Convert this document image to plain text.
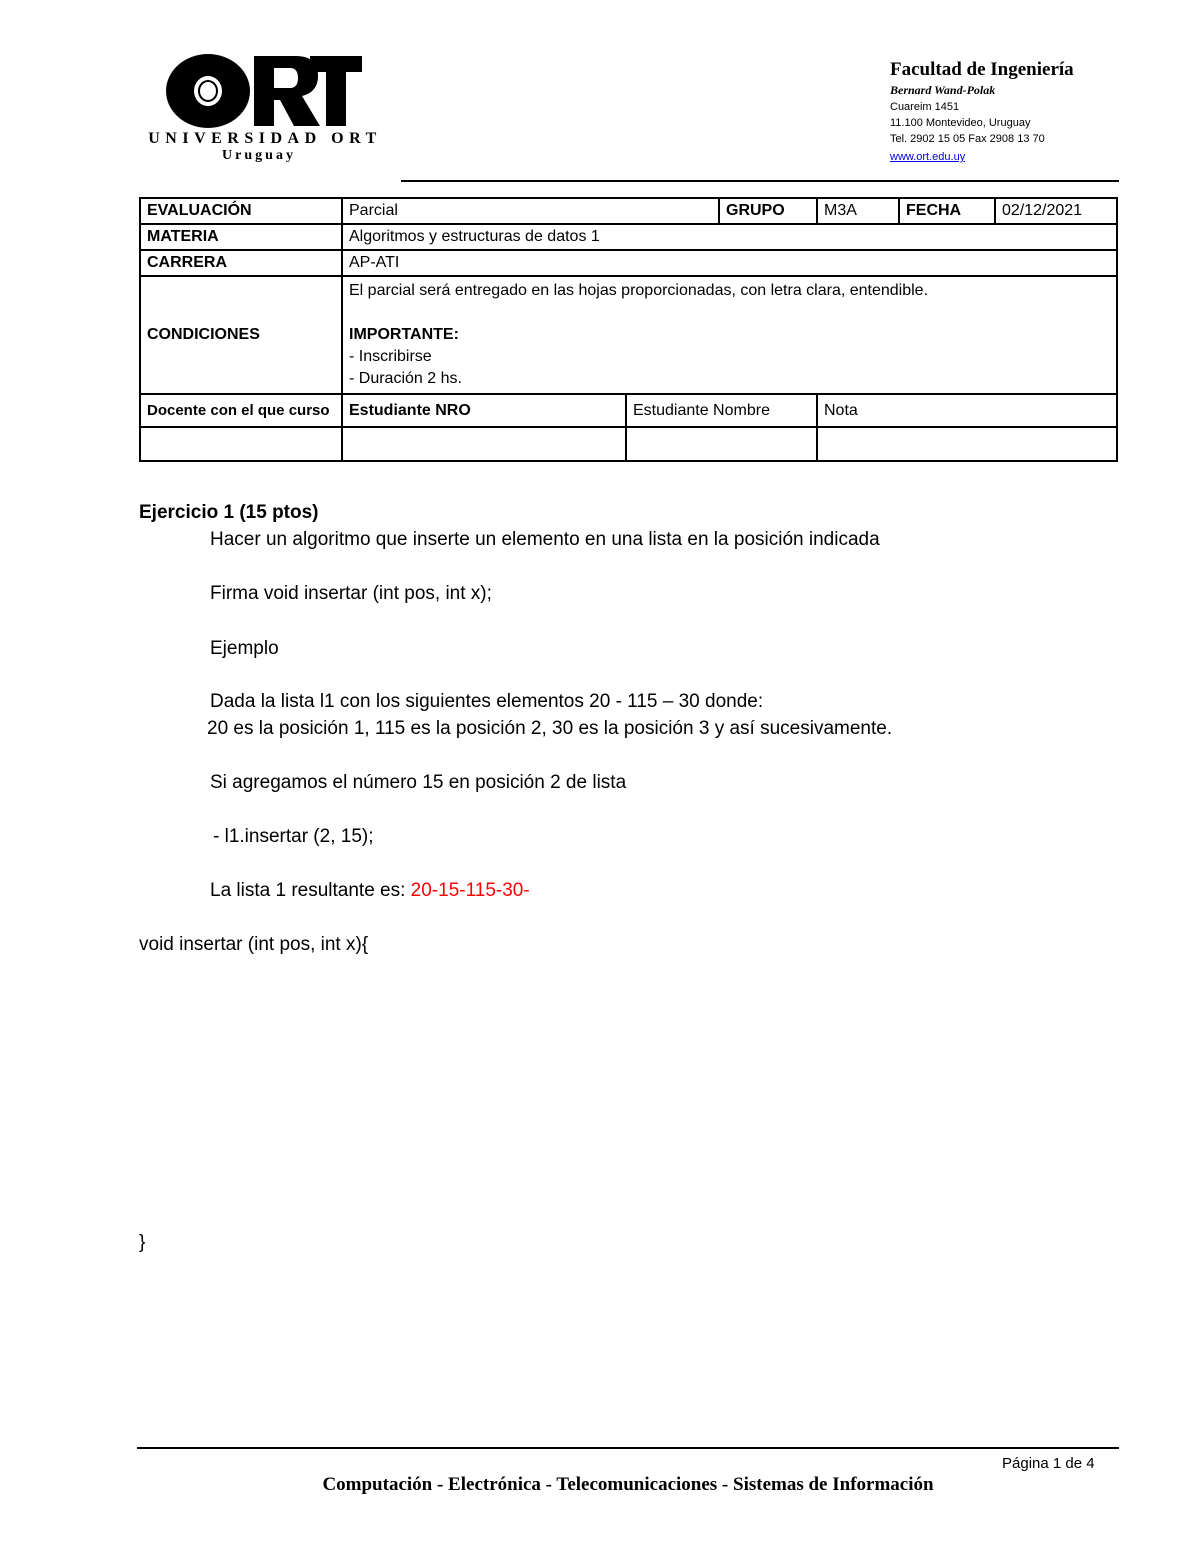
UNIVERSIDAD ORT
Uruguay
Facultad de Ingeniería
Bernard Wand-Polak
Cuareim 1451
11.100 Montevideo, Uruguay
Tel. 2902 15 05 Fax 2908 13 70
www.ort.edu.uy
EVALUACIÓN	Parcial		GRUPO	M3A	FECHA	02/12/2021
MATERIA	Algoritmos y estructuras de datos 1					
CARRERA	AP-ATI					
CONDICIONES	El parcial será entregado en las hojas proporcionadas, con letra clara, entendible.
IMPORTANTE:
- Inscribirse
- Duración 2 hs.					

Docente con el que curso	Estudiante NRO	Estudiante Nombre		Nota		

Ejercicio 1 (15 ptos)
Hacer un algoritmo que inserte un elemento en una lista en la posición indicada
Firma void insertar (int pos, int x);
Ejemplo
Dada la lista l1 con los siguientes elementos 20 - 115 – 30 donde:
20 es la posición 1, 115 es la posición 2, 30 es la posición 3 y así sucesivamente.
Si agregamos el número 15 en posición 2 de lista
- l1.insertar (2, 15);
La lista 1 resultante es: 20-15-115-30-
void insertar (int pos, int x){
}
Página 1 de 4
Computación - Electrónica - Telecomunicaciones - Sistemas de Información
